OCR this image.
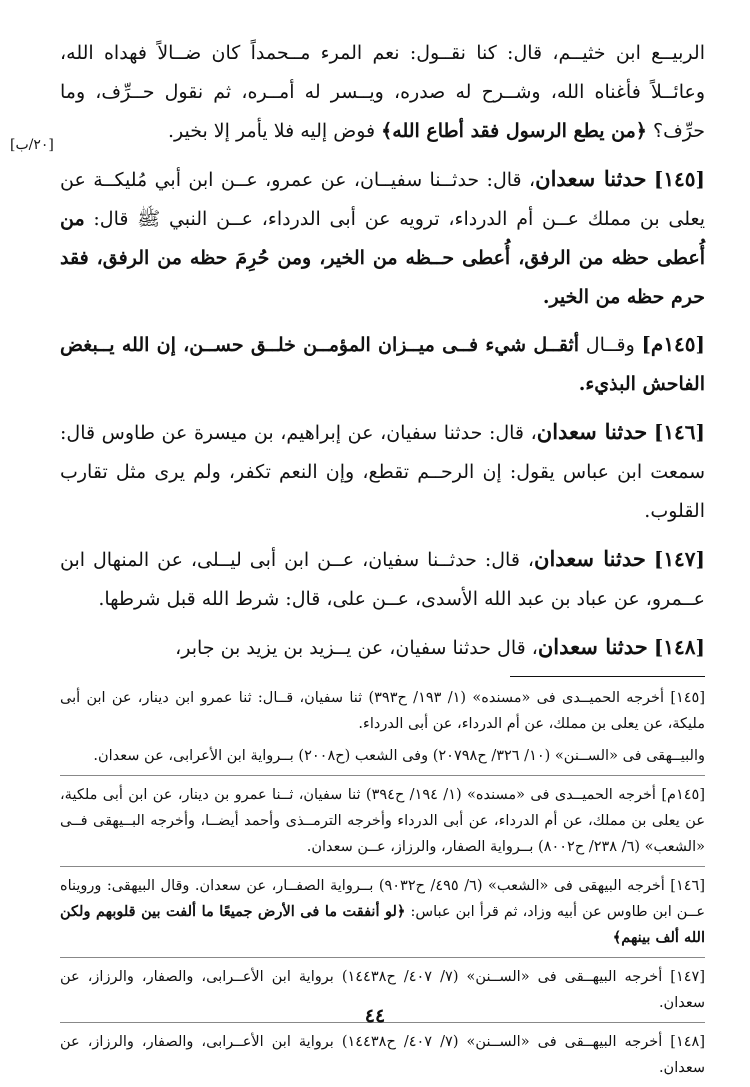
الربيــع ابن خثيــم، قال: كنا نقــول: نعم المرء مــحمداً كان ضــالاً فهداه الله، وعائــلاً فأغناه الله، وشــرح له صدره، ويــسر له أمــره، ثم نقول حــرِّف، وما حرِّف؟ ﴿من يطع الرسول فقد أطاع الله﴾ فوض إليه فلا يأمر إلا بخير.
[٢٠/ب]

[١٤٥] حدثنا سعدان، قال: حدثــنا سفيــان، عن عمرو، عــن ابن أبي مُليكــة عن يعلى بن مملك عــن أم الدرداء، ترويه عن أبى الدرداء، عــن النبي ﷺ قال: من أُعطى حظه من الرفق، أُعطى حــظه من الخير، ومن حُرِمَ حظه من الرفق، فقد حرم حظه من الخير.

[١٤٥م] وقــال أثقــل شيء فــى ميــزان المؤمــن خلــق حســن، إن الله يــبغض الفاحش البذيء.

[١٤٦] حدثنا سعدان، قال: حدثنا سفيان، عن إبراهيم، بن ميسرة عن طاوس قال: سمعت ابن عباس يقول: إن الرحــم تقطع، وإن النعم تكفر، ولم يرى مثل تقارب القلوب.

[١٤٧] حدثنا سعدان، قال: حدثــنا سفيان، عــن ابن أبى ليــلى، عن المنهال ابن عــمرو، عن عباد بن عبد الله الأسدى، عــن على، قال: شرط الله قبل شرطها.

[١٤٨] حدثنا سعدان، قال حدثنا سفيان، عن يــزيد بن يزيد بن جابر،

[١٤٥] أخرجه الحميــدى فى «مسنده» (١/ ١٩٣/ ح٣٩٣) ثنا سفيان، قــال: ثنا عمرو ابن دينار، عن ابن أبى مليكة، عن يعلى بن مملك، عن أم الدرداء، عن أبى الدرداء.

والبيــهقى فى «الســنن» (١٠/ ٣٢٦/ ح٢٠٧٩٨) وفى الشعب (ح٢٠٠٨) بــرواية ابن الأعرابى، عن سعدان.

[١٤٥م] أخرجه الحميــدى فى «مسنده» (١/ ١٩٤/ ح٣٩٤) ثنا سفيان، ثــنا عمرو بن دينار، عن ابن أبى ملكية، عن يعلى بن مملك، عن أم الدرداء، عن أبى الدرداء وأخرجه الترمــذى وأحمد أيضــا، وأخرجه البــيهقى فــى «الشعب» (٦/ ٢٣٨/ ح٨٠٠٢) بــرواية الصفار، والرزاز، عــن سعدان.

[١٤٦] أخرجه البيهقى فى «الشعب» (٦/ ٤٩٥/ ح٩٠٣٢) بــرواية الصفــار، عن سعدان. وقال البيهقى: ورويناه عــن ابن طاوس عن أبيه وزاد، ثم قرأ ابن عباس: ﴿لو أنفقت ما فى الأرض جميعًا ما ألفت بين قلوبهم ولكن الله ألف بينهم﴾

[١٤٧] أخرجه البيهــقى فى «الســنن» (٧/ ٤٠٧/ ح١٤٤٣٨) برواية ابن الأعــرابى، والصفار، والرزاز، عن سعدان.

[١٤٨] أخرجه البيهــقى فى «الســنن» (٧/ ٤٠٧/ ح١٤٤٣٨) برواية ابن الأعــرابى، والصفار، والرزاز، عن سعدان.

٤٤
